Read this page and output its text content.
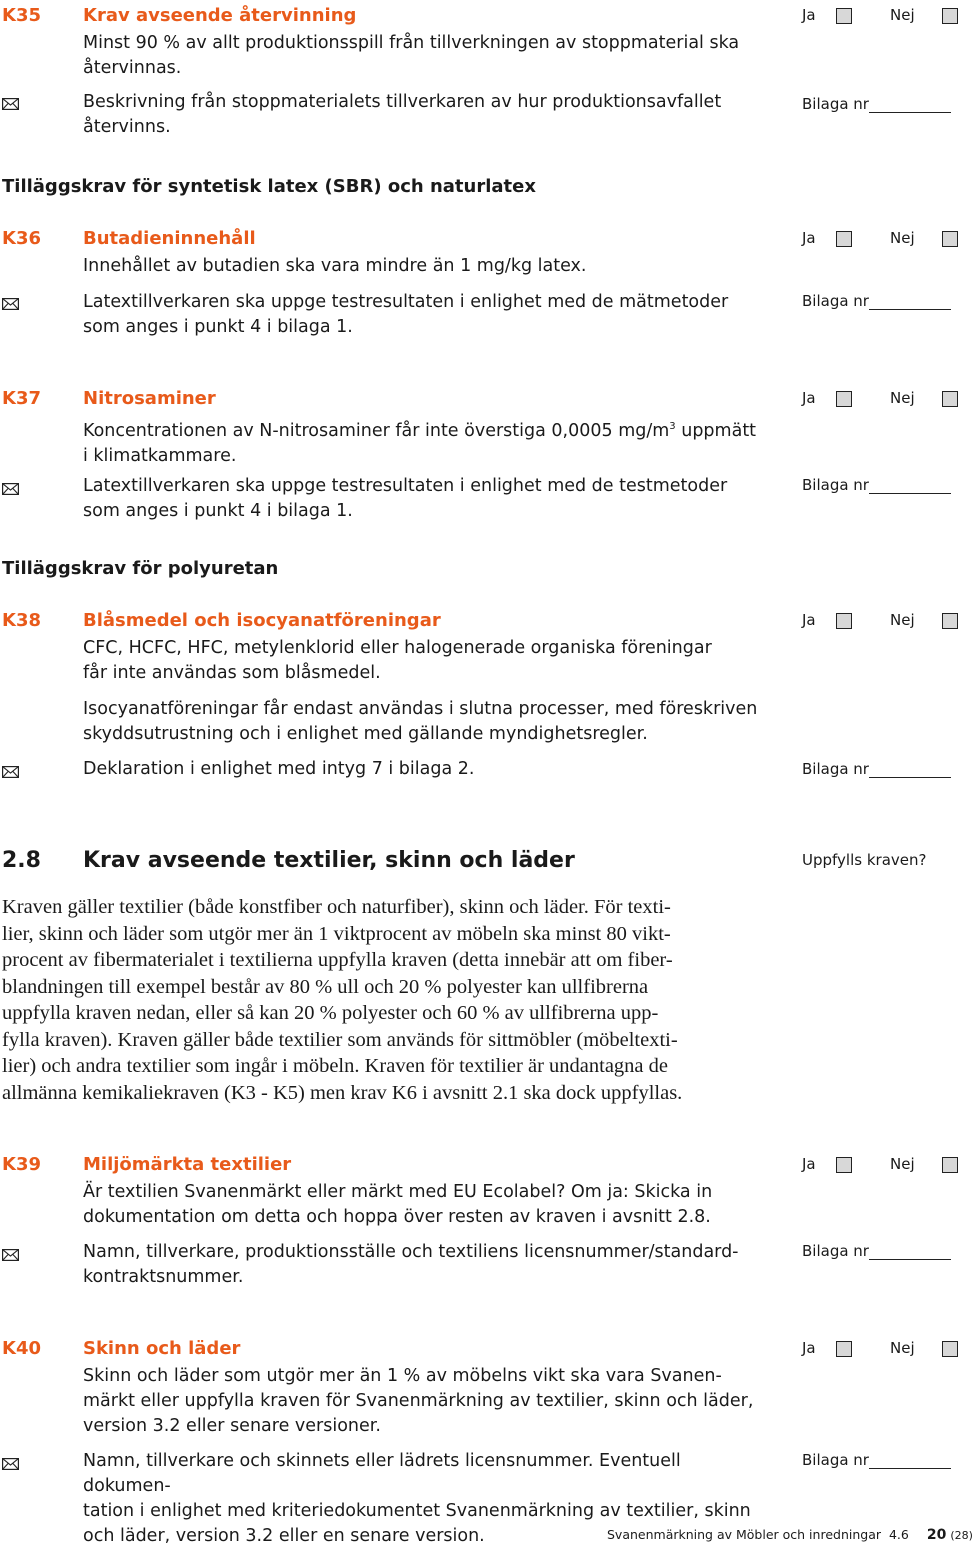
K35 Krav avseende återvinning
Minst 90 % av allt produktionsspill från tillverkningen av stoppmaterial ska
återvinnas.
Beskrivning från stoppmaterialets tillverkaren av hur produktionsavfallet
återvinns.
Ja	Nej
Bilaga nr
Tilläggskrav för syntetisk latex (SBR) och naturlatex
K36 Butadieninnehåll
Innehållet av butadien ska vara mindre än 1 mg/kg latex.
Latextillverkaren ska uppge testresultaten i enlighet med de mätmetoder
som anges i punkt 4 i bilaga 1.
Ja	Nej
Bilaga nr
K37 Nitrosaminer
Koncentrationen av N-nitrosaminer får inte överstiga 0,0005 $mg/m^3$ uppmätt
i klimatkammare.
Latextillverkaren ska uppge testresultaten i enlighet med de testmetoder
som anges i punkt 4 i bilaga 1.
Ja	Nej
Bilaga nr
Tilläggskrav för polyuretan
K38 Blåsmedel och isocyanatföreningar
CFC, HCFC, HFC, metylenklorid eller halogenerade organiska föreningar
får inte användas som blåsmedel.
Isocyanatföreningar får endast användas i slutna processer, med föreskriven
skyddsutrustning och i enlighet med gällande myndighetsregler.
Deklaration i enlighet med intyg 7 i bilaga 2.
Ja	Nej
Bilaga nr
2.8 Krav avseende textilier, skinn och läder	Uppfylls kraven?
Kraven gäller textilier (både konstfiber och naturfiber), skinn och läder. För texti-
lier, skinn och läder som utgör mer än 1 viktprocent av möbeln ska minst 80 vikt-
procent av fibermaterialet i textilierna uppfylla kraven (detta innebär att om fiber-
blandningen till exempel består av 80 % ull och 20 % polyester kan ullfibrerna
uppfylla kraven nedan, eller så kan 20 % polyester och 60 % av ullfibrerna upp-
fylla kraven). Kraven gäller både textilier som används för sittmöbler (möbeltexti-
lier) och andra textilier som ingår i möbeln. Kraven för textilier är undantagna de
allmänna kemikaliekraven (K3 - K5) men krav K6 i avsnitt 2.1 ska dock uppfyllas.
K39 Miljömärkta textilier
Är textilien Svanenmärkt eller märkt med EU Ecolabel? Om ja: Skicka in
dokumentation om detta och hoppa över resten av kraven i avsnitt 2.8.
Namn, tillverkare, produktionsställe och textiliens licensnummer/standard-
kontraktsnummer.
Ja	Nej
Bilaga nr
K40 Skinn och läder
Skinn och läder som utgör mer än 1 % av möbelns vikt ska vara Svanen-
märkt eller uppfylla kraven för Svanenmärkning av textilier, skinn och läder,
version 3.2 eller senare versioner.
Namn, tillverkare och skinnets eller lädrets licensnummer. Eventuell dokumen-
tation i enlighet med kriteriedokumentet Svanenmärkning av textilier, skinn
och läder, version 3.2 eller en senare version.
Ja	Nej
Bilaga nr
Svanenmärkning av Möbler och inredningar 4.6 20 (28)
